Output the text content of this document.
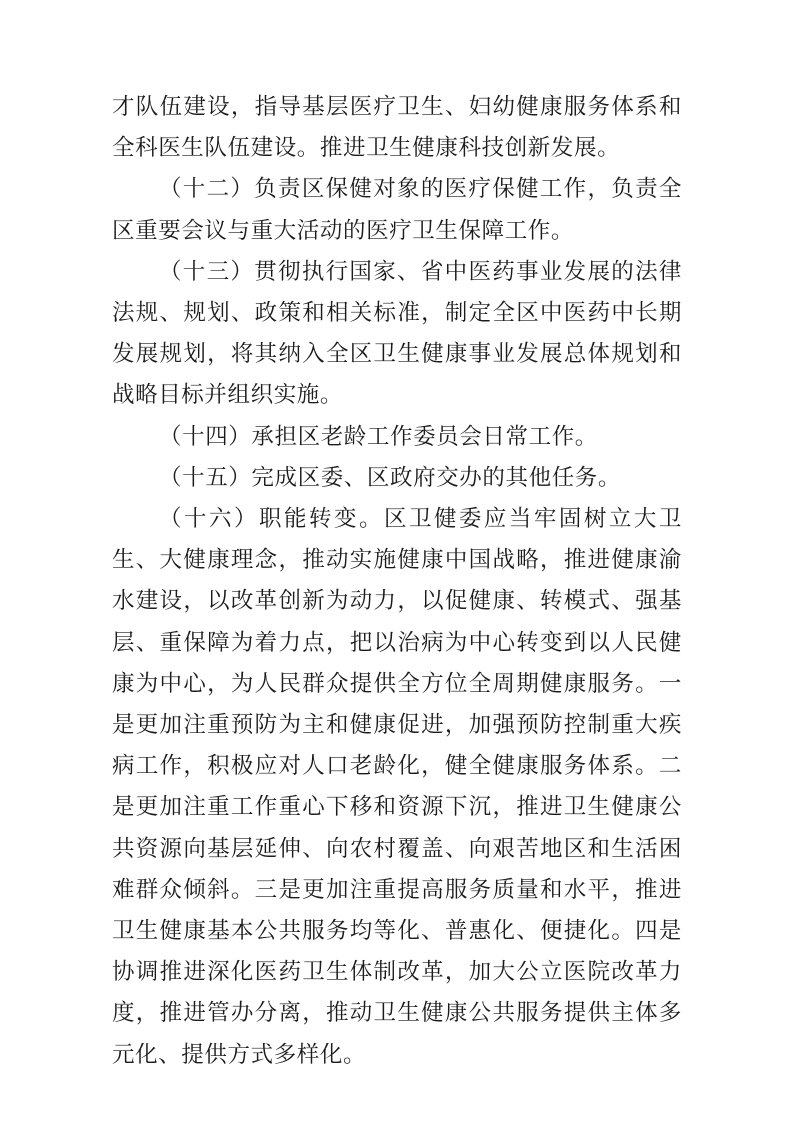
才队伍建设，指导基层医疗卫生、妇幼健康服务体系和全科医生队伍建设。推进卫生健康科技创新发展。

（十二）负责区保健对象的医疗保健工作，负责全区重要会议与重大活动的医疗卫生保障工作。

（十三）贯彻执行国家、省中医药事业发展的法律法规、规划、政策和相关标准，制定全区中医药中长期发展规划，将其纳入全区卫生健康事业发展总体规划和战略目标并组织实施。

（十四）承担区老龄工作委员会日常工作。

（十五）完成区委、区政府交办的其他任务。

（十六）职能转变。区卫健委应当牢固树立大卫生、大健康理念，推动实施健康中国战略，推进健康渝水建设，以改革创新为动力，以促健康、转模式、强基层、重保障为着力点，把以治病为中心转变到以人民健康为中心，为人民群众提供全方位全周期健康服务。一是更加注重预防为主和健康促进，加强预防控制重大疾病工作，积极应对人口老龄化，健全健康服务体系。二是更加注重工作重心下移和资源下沉，推进卫生健康公共资源向基层延伸、向农村覆盖、向艰苦地区和生活困难群众倾斜。三是更加注重提高服务质量和水平，推进卫生健康基本公共服务均等化、普惠化、便捷化。四是协调推进深化医药卫生体制改革，加大公立医院改革力度，推进管办分离，推动卫生健康公共服务提供主体多元化、提供方式多样化。
